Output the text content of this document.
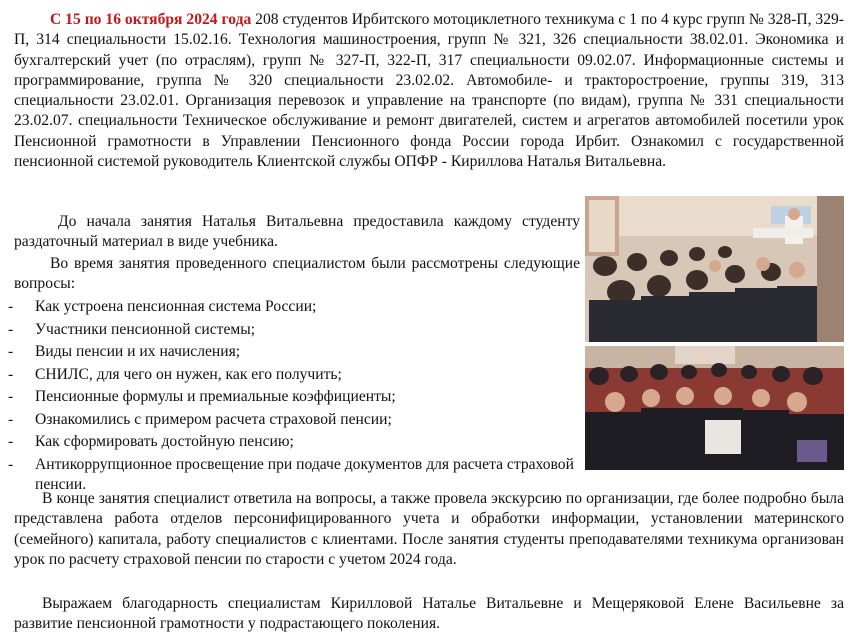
С 15 по 16 октября 2024 года 208 студентов Ирбитского мотоциклетного техникума с 1 по 4 курс групп № 328-П, 329-П, 314 специальности 15.02.16. Технология машиностроения, групп № 321, 326 специальности 38.02.01. Экономика и бухгалтерский учет (по отраслям), групп № 327-П, 322-П, 317 специальности 09.02.07. Информационные системы и программирование, группа № 320 специальности 23.02.02. Автомобиле- и тракторостроение, группы 319, 313 специальности 23.02.01. Организация перевозок и управление на транспорте (по видам), группа № 331 специальности 23.02.07. специальности Техническое обслуживание и ремонт двигателей, систем и агрегатов автомобилей посетили урок Пенсионной грамотности в Управлении Пенсионного фонда России города Ирбит. Ознакомил с государственной пенсионной системой руководитель Клиентской службы ОПФР - Кириллова Наталья Витальевна.

До начала занятия Наталья Витальевна предоставила каждому студенту раздаточный материал в виде учебника.

Во время занятия проведенного специалистом были рассмотрены следующие вопросы:

- Как устроена пенсионная система России;
- Участники пенсионной системы;
- Виды пенсии и их начисления;
- СНИЛС, для чего он нужен, как его получить;
- Пенсионные формулы и премиальные коэффициенты;
- Ознакомились с примером расчета страховой пенсии;
- Как сформировать достойную пенсию;
- Антикоррупционное просвещение при подаче документов для расчета страховой пенсии.

В конце занятия специалист ответила на вопросы, а также провела экскурсию по организации, где более подробно была представлена работа отделов персонифицированного учета и обработки информации, установлении материнского (семейного) капитала, работу специалистов с клиентами. После занятия студенты преподавателями техникума организован урок по расчету страховой пенсии по старости с учетом 2024 года.

Выражаем благодарность специалистам Кирилловой Наталье Витальевне и Мещеряковой Елене Васильевне за развитие пенсионной грамотности у подрастающего поколения.
